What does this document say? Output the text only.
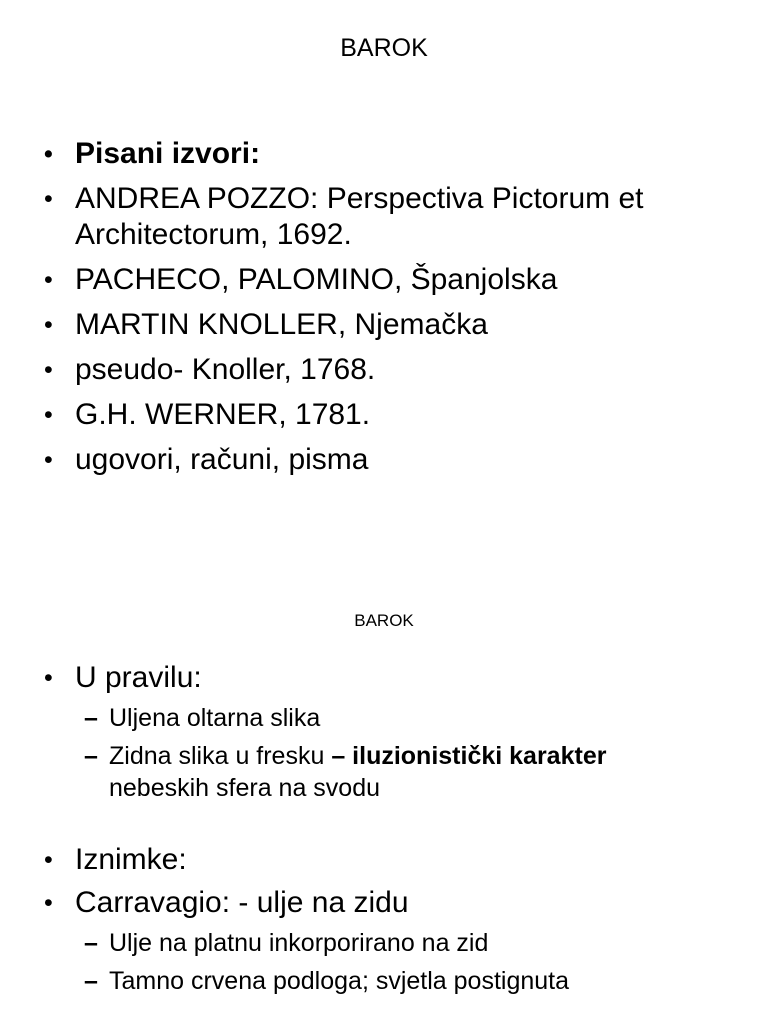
BAROK
• Pisani izvori:
• ANDREA POZZO: Perspectiva Pictorum et Architectorum, 1692.
• PACHECO, PALOMINO, Španjolska
• MARTIN KNOLLER, Njemačka
• pseudo- Knoller, 1768.
• G.H. WERNER, 1781.
• ugovori, računi, pisma
BAROK
• U pravilu:
– Uljena oltarna slika
– Zidna slika u fresku – iluzionistički karakter nebeskih sfera na svodu
• Iznimke:
• Carravagio: - ulje na zidu
– Ulje na platnu inkorporirano na zid
– Tamno crvena podloga; svjetla postignuta
